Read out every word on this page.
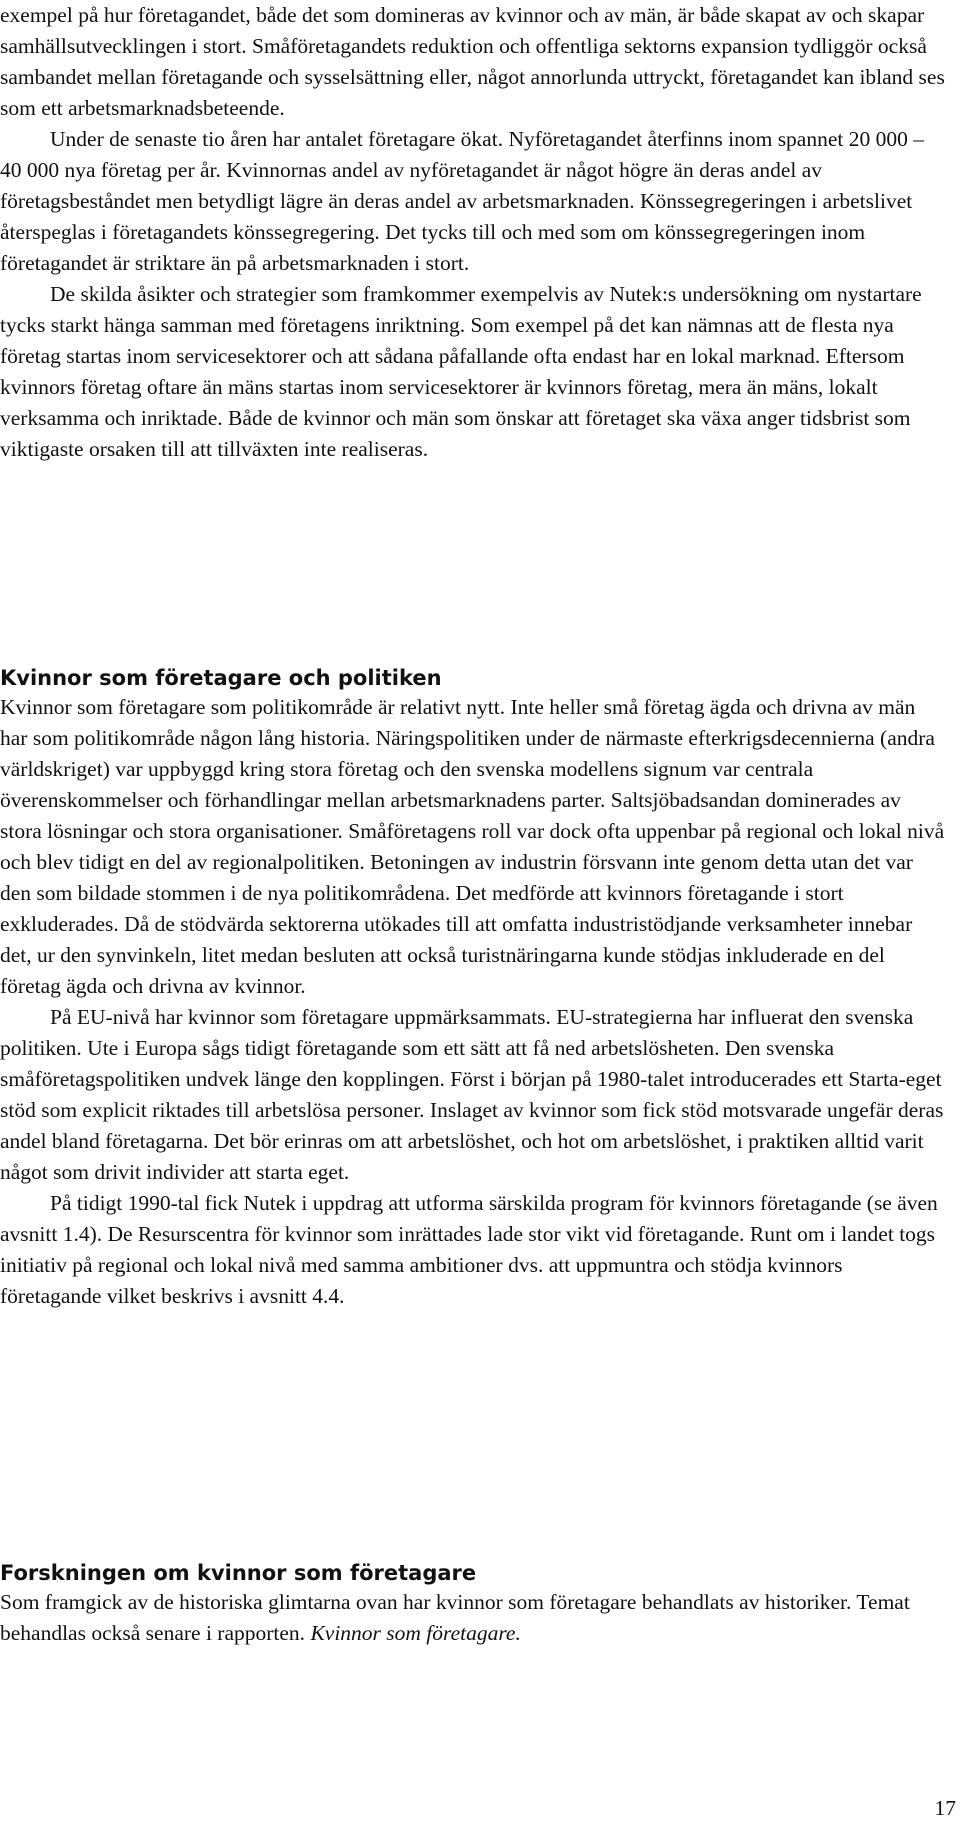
exempel på hur företagandet, både det som domineras av kvinnor och av män, är både skapat av och skapar samhällsutvecklingen i stort. Småföretagandets reduktion och offentliga sektorns expansion tydliggör också sambandet mellan företagande och sysselsättning eller, något annorlunda uttryckt, företagandet kan ibland ses som ett arbetsmarknadsbeteende.

Under de senaste tio åren har antalet företagare ökat. Nyföretagandet återfinns inom spannet 20 000 – 40 000 nya företag per år. Kvinnornas andel av nyföretagandet är något högre än deras andel av företagsbeståndet men betydligt lägre än deras andel av arbetsmarknaden. Könssegregeringen i arbetslivet återspeglas i företagandets könssegregering. Det tycks till och med som om könssegregeringen inom företagandet är striktare än på arbetsmarknaden i stort.

De skilda åsikter och strategier som framkommer exempelvis av Nutek:s undersökning om nystartare tycks starkt hänga samman med företagens inriktning. Som exempel på det kan nämnas att de flesta nya företag startas inom servicesektorer och att sådana påfallande ofta endast har en lokal marknad. Eftersom kvinnors företag oftare än mäns startas inom servicesektorer är kvinnors företag, mera än mäns, lokalt verksamma och inriktade. Både de kvinnor och män som önskar att företaget ska växa anger tidsbrist som viktigaste orsaken till att tillväxten inte realiseras.

Kvinnor som företagare och politiken

Kvinnor som företagare som politikområde är relativt nytt. Inte heller små företag ägda och drivna av män har som politikområde någon lång historia. Näringspolitiken under de närmaste efterkrigsdecennierna (andra världskriget) var uppbyggd kring stora företag och den svenska modellens signum var centrala överenskommelser och förhandlingar mellan arbetsmarknadens parter. Saltsjöbadsandan dominerades av stora lösningar och stora organisationer. Småföretagens roll var dock ofta uppenbar på regional och lokal nivå och blev tidigt en del av regionalpolitiken. Betoningen av industrin försvann inte genom detta utan det var den som bildade stommen i de nya politikområdena. Det medförde att kvinnors företagande i stort exkluderades. Då de stödvärda sektorerna utökades till att omfatta industristödjande verksamheter innebar det, ur den synvinkeln, litet medan besluten att också turistnäringarna kunde stödjas inkluderade en del företag ägda och drivna av kvinnor.

På EU-nivå har kvinnor som företagare uppmärksammats. EU-strategierna har influerat den svenska politiken. Ute i Europa sågs tidigt företagande som ett sätt att få ned arbetslösheten. Den svenska småföretagspolitiken undvek länge den kopplingen. Först i början på 1980-talet introducerades ett Starta-eget stöd som explicit riktades till arbetslösa personer. Inslaget av kvinnor som fick stöd motsvarade ungefär deras andel bland företagarna. Det bör erinras om att arbetslöshet, och hot om arbetslöshet, i praktiken alltid varit något som drivit individer att starta eget.

På tidigt 1990-tal fick Nutek i uppdrag att utforma särskilda program för kvinnors företagande (se även avsnitt 1.4). De Resurscentra för kvinnor som inrättades lade stor vikt vid företagande. Runt om i landet togs initiativ på regional och lokal nivå med samma ambitioner dvs. att uppmuntra och stödja kvinnors företagande vilket beskrivs i avsnitt 4.4.

Forskningen om kvinnor som företagare

Som framgick av de historiska glimtarna ovan har kvinnor som företagare behandlats av historiker. Temat behandlas också senare i rapporten. Kvinnor som företagare.

17
